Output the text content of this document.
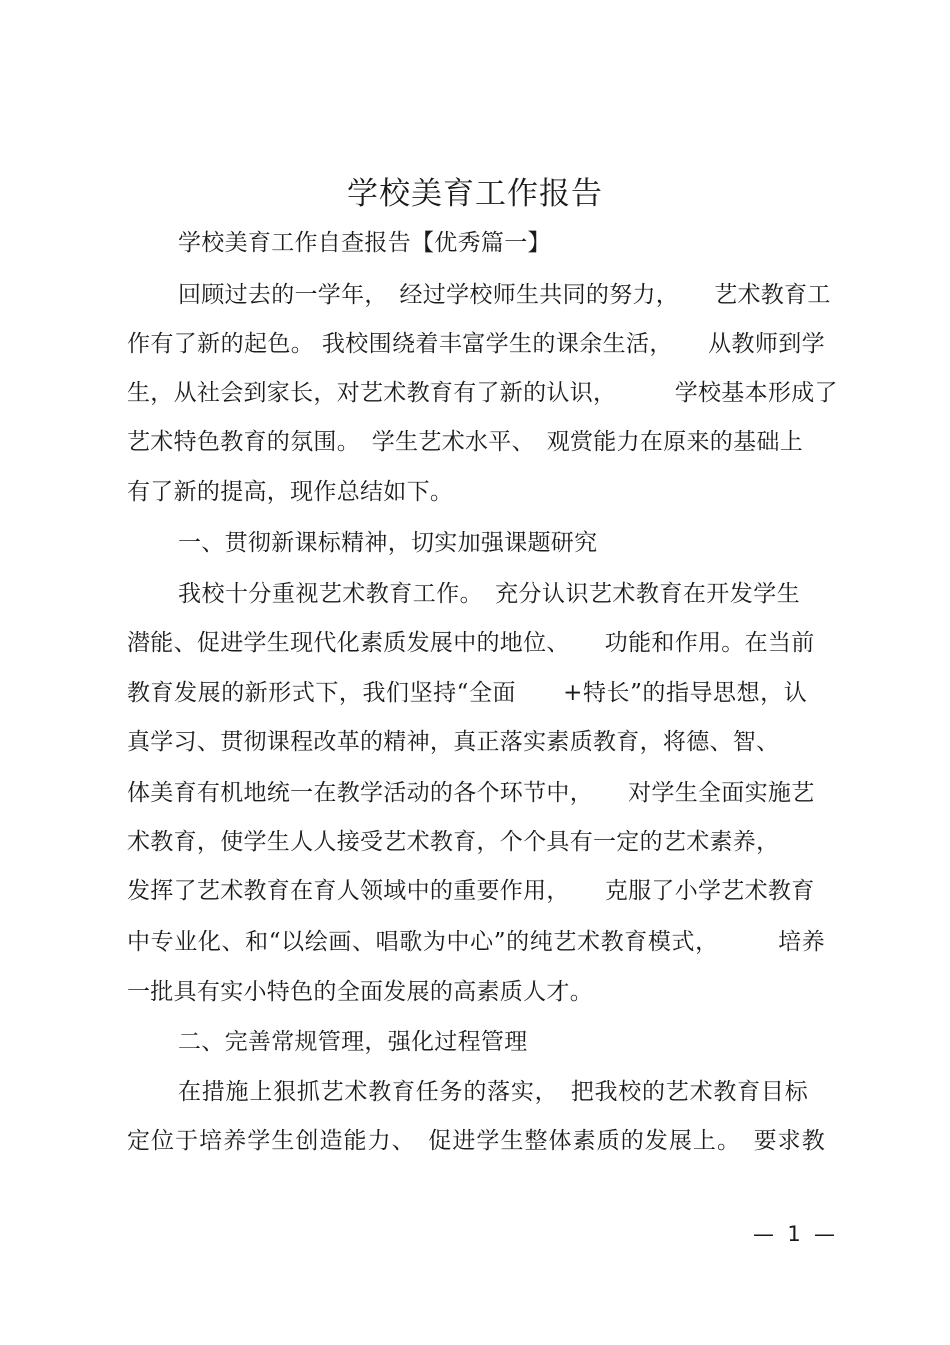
学校美育工作报告
学校美育工作自查报告【优秀篇一】
回顾过去的一学年，　经过学校师生共同的努力，　　艺术教育工
作有了新的起色。 我校围绕着丰富学生的课余生活，　　从教师到学
生，从社会到家长，对艺术教育有了新的认识，　　　学校基本形成了
艺术特色教育的氛围。　学生艺术水平、　观赏能力在原来的基础上
有了新的提高，现作总结如下。
一、贯彻新课标精神，切实加强课题研究
我校十分重视艺术教育工作。　充分认识艺术教育在开发学生
潜能、促进学生现代化素质发展中的地位、　　功能和作用。在当前
教育发展的新形式下，我们坚持“全面　　+特长”的指导思想，认
真学习、贯彻课程改革的精神，真正落实素质教育，将德、智、
体美育有机地统一在教学活动的各个环节中，　　对学生全面实施艺
术教育，使学生人人接受艺术教育，个个具有一定的艺术素养，
发挥了艺术教育在育人领域中的重要作用，　　克服了小学艺术教育
中专业化、和“以绘画、唱歌为中心”的纯艺术教育模式，　　　培养
一批具有实小特色的全面发展的高素质人才。
二、完善常规管理，强化过程管理
在措施上狠抓艺术教育任务的落实，　把我校的艺术教育目标
定位于培养学生创造能力、　促进学生整体素质的发展上。　要求教
—  1  —
